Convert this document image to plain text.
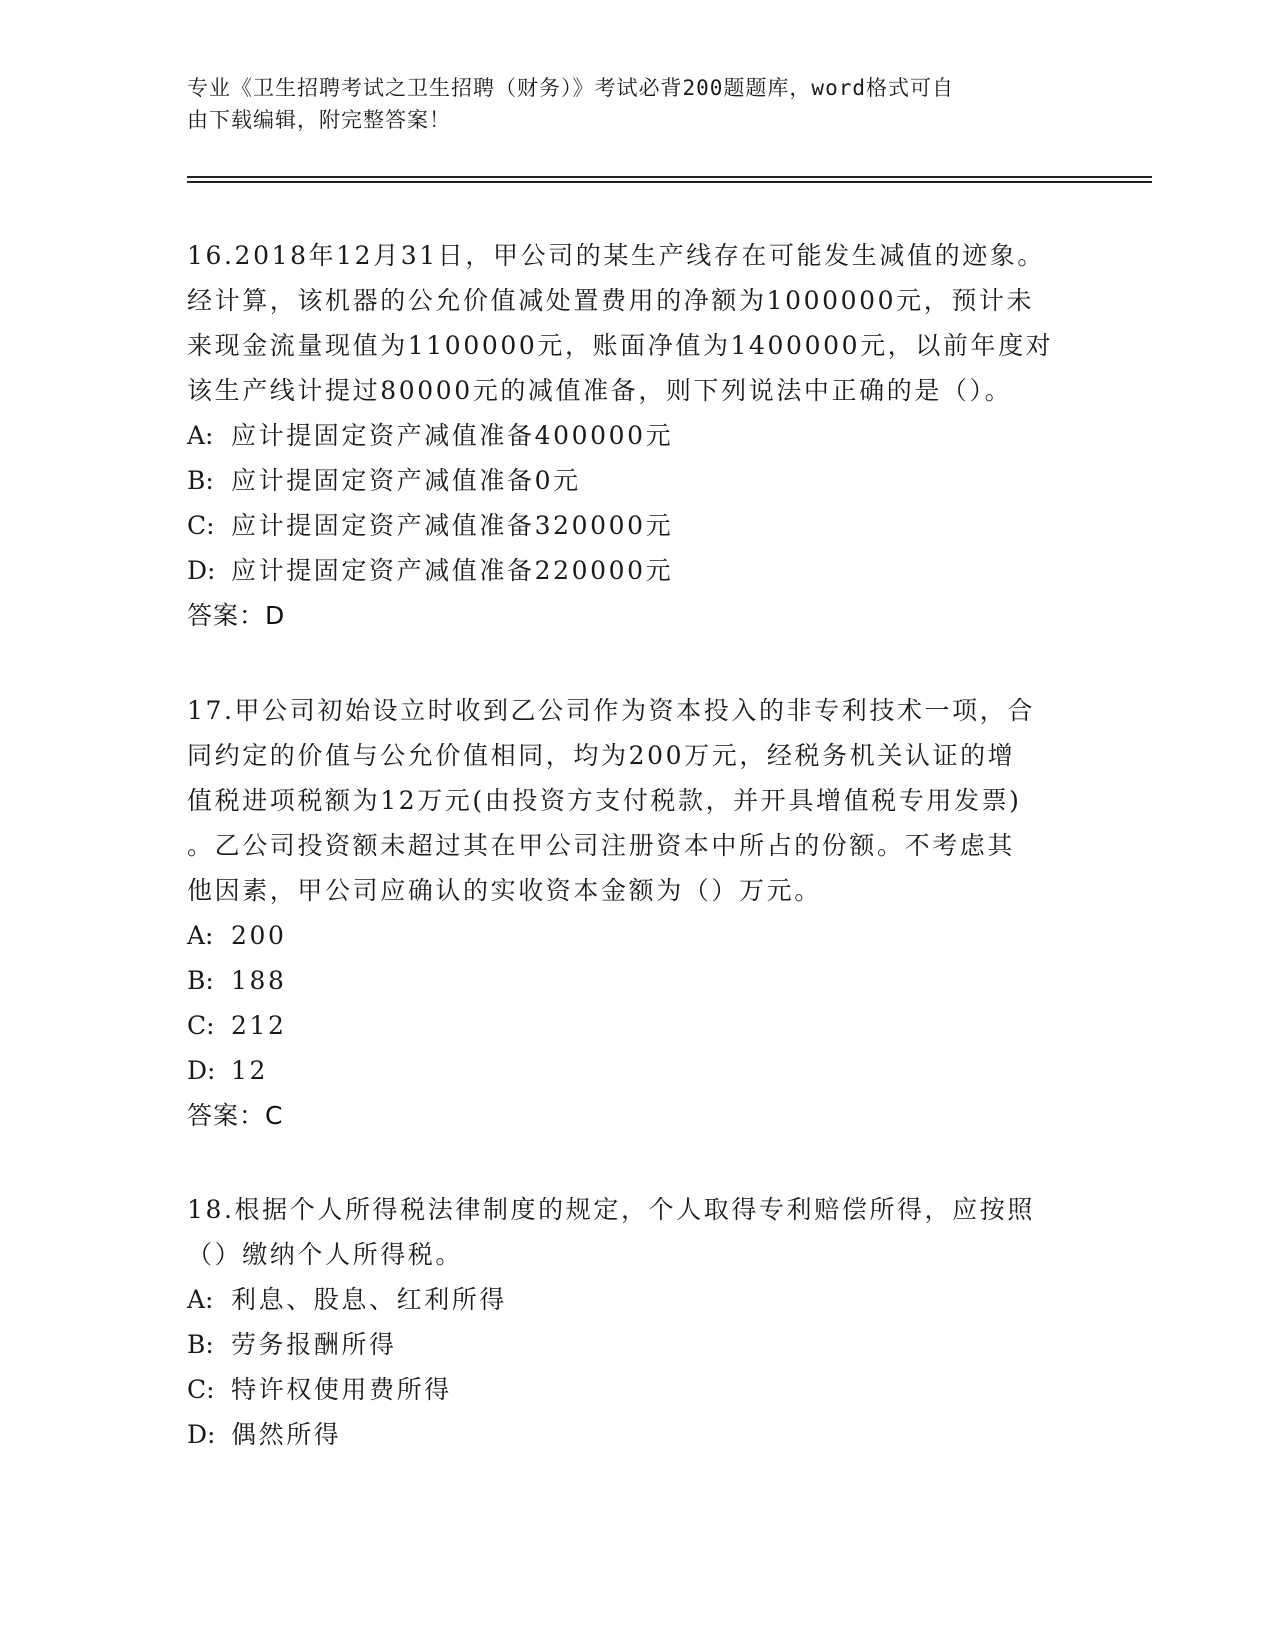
专业《卫生招聘考试之卫生招聘（财务）》考试必背200题题库，word格式可自
由下载编辑，附完整答案！

16.2018年12月31日，甲公司的某生产线存在可能发生减值的迹象。

经计算，该机器的公允价值减处置费用的净额为1000000元，预计未

来现金流量现值为1100000元，账面净值为1400000元，以前年度对

该生产线计提过80000元的减值准备，则下列说法中正确的是（）。

A: 应计提固定资产减值准备400000元

B: 应计提固定资产减值准备0元

C: 应计提固定资产减值准备320000元

D: 应计提固定资产减值准备220000元

答案：D

17.甲公司初始设立时收到乙公司作为资本投入的非专利技术一项，合

同约定的价值与公允价值相同，均为200万元，经税务机关认证的增

值税进项税额为12万元(由投资方支付税款，并开具增值税专用发票)

。乙公司投资额未超过其在甲公司注册资本中所占的份额。不考虑其

他因素，甲公司应确认的实收资本金额为（）万元。

A: 200

B: 188

C: 212

D: 12

答案：C

18.根据个人所得税法律制度的规定，个人取得专利赔偿所得，应按照

（）缴纳个人所得税。

A: 利息、股息、红利所得

B: 劳务报酬所得

C: 特许权使用费所得

D: 偶然所得
